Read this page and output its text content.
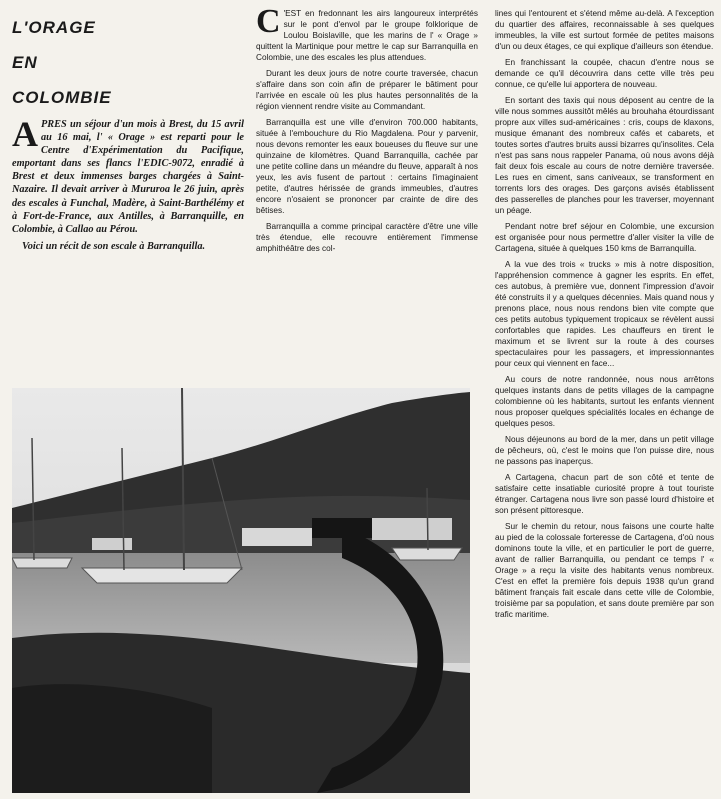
L'ORAGE
EN
COLOMBIE

APRES un séjour d'un mois à Brest, du 15 avril au 16 mai, l' « Orage » est reparti pour le Centre d'Expérimentation du Pacifique, emportant dans ses flancs l'EDIC-9072, enradié à Brest et deux immenses barges chargées à Saint-Nazaire. Il devait arriver à Mururoa le 26 juin, après des escales à Funchal, Madère, à Saint-Barthélémy et à Fort-de-France, aux Antilles, à Barranquille, en Colombie, à Callao au Pérou.

Voici un récit de son escale à Barranquilla.

C 'EST en fredonnant les airs langoureux interprétés sur le pont d'envol par le groupe folklorique de Loulou Boislaville, que les marins de l' « Orage » quittent la Martinique pour mettre le cap sur Barranquilla en Colombie, une des escales les plus attendues.

Durant les deux jours de notre courte traversée, chacun s'affaire dans son coin afin de préparer le bâtiment pour l'arrivée en escale où les plus hautes personnalités de la région viennent rendre visite au Commandant.

Barranquilla est une ville d'environ 700.000 habitants, située à l'embouchure du Rio Magdalena. Pour y parvenir, nous devons remonter les eaux boueuses du fleuve sur une quinzaine de kilomètres. Quand Barranquilla, cachée par une petite colline dans un méandre du fleuve, apparaît à nos yeux, les avis fusent de partout : certains l'imaginaient petite, d'autres hérissée de grands immeubles, d'autres encore n'osaient se prononcer par crainte de dire des bêtises.

Barranquilla a comme principal caractère d'être une ville très étendue, elle recouvre entièrement l'immense amphithéâtre des col-

lines qui l'entourent et s'étend même au-delà. A l'exception du quartier des affaires, reconnaissable à ses quelques immeubles, la ville est surtout formée de petites maisons d'un ou deux étages, ce qui explique d'ailleurs son étendue.

En franchissant la coupée, chacun d'entre nous se demande ce qu'il découvrira dans cette ville très peu connue, ce qu'elle lui apportera de nouveau.

En sortant des taxis qui nous déposent au centre de la ville nous sommes aussitôt mêlés au brouhaha étourdissant propre aux villes sud-américaines : cris, coups de klaxons, musique émanant des nombreux cafés et cabarets, et toutes sortes d'autres bruits aussi bizarres qu'insolites. Cela n'est pas sans nous rappeler Panama, où nous avons déjà fait deux fois escale au cours de notre dernière traversée. Les rues en ciment, sans caniveaux, se transforment en torrents lors des orages. Des garçons avisés établissent des passerelles de planches pour les traverser, moyennant un péage.

Pendant notre bref séjour en Colombie, une excursion est organisée pour nous permettre d'aller visiter la ville de Cartagena, située à quelques 150 kms de Barranquilla.

A la vue des trois « trucks » mis à notre disposition, l'appréhension commence à gagner les esprits. En effet, ces autobus, à première vue, donnent l'impression d'avoir été construits il y a quelques décennies. Mais quand nous y prenons place, nous nous rendons bien vite compte que ces petits autobus typiquement tropicaux se révèlent aussi confortables que rapides. Les chauffeurs en tirent le maximum et se livrent sur la route à des courses spectaculaires pour les passagers, et impressionnantes pour ceux qui viennent en face...

Au cours de notre randonnée, nous nous arrêtons quelques instants dans de petits villages de la campagne colombienne où les habitants, surtout les enfants viennent nous proposer quelques spécialités locales en échange de quelques pesos.

Nous déjeunons au bord de la mer, dans un petit village de pêcheurs, où, c'est le moins que l'on puisse dire, nous ne passons pas inaperçus.

A Cartagena, chacun part de son côté et tente de satisfaire cette insatiable curiosité propre à tout touriste étranger. Cartagena nous livre son passé lourd d'histoire et son présent pittoresque.

Sur le chemin du retour, nous faisons une courte halte au pied de la colossale forteresse de Cartagena, d'où nous dominons toute la ville, et en particulier le port de guerre, avant de rallier Barranquilla, ou pendant ce temps l' « Orage » a reçu la visite des habitants venus nombreux. C'est en effet la première fois depuis 1938 qu'un grand bâtiment français fait escale dans cette ville de Colombie, troisième par sa population, et sans doute première par son trafic maritime.
